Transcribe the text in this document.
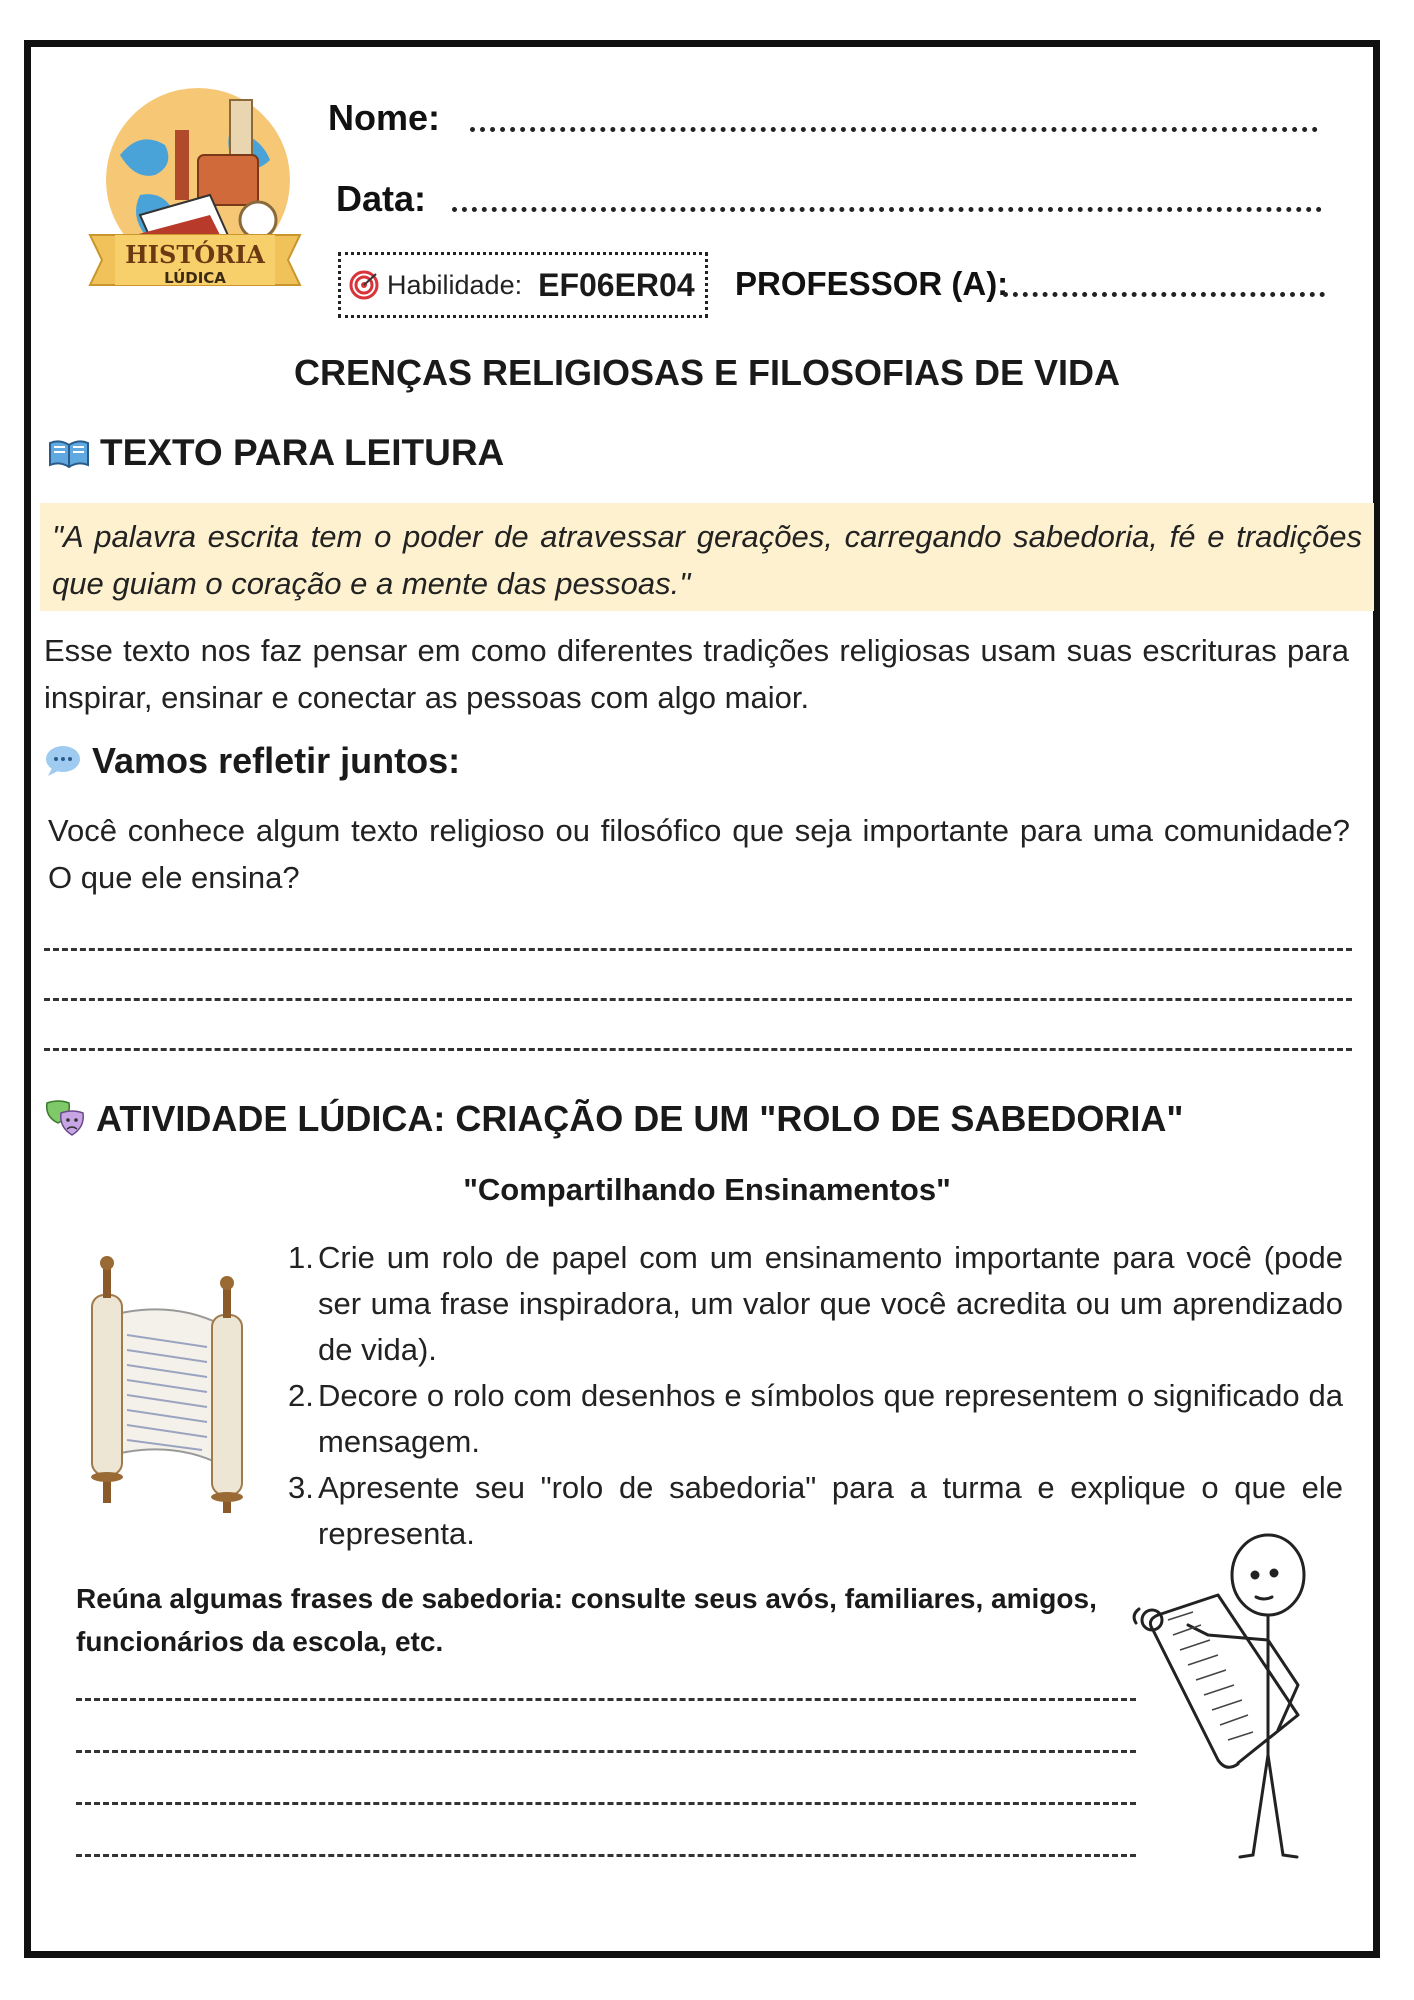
HISTÓRIA
LÚDICA
Nome:
Data:
Habilidade: EF06ER04 PROFESSOR (A):
CRENÇAS RELIGIOSAS E FILOSOFIAS DE VIDA
TEXTO PARA LEITURA
"A palavra escrita tem o poder de atravessar gerações, carregando sabedoria, fé e tradições que guiam o coração e a mente das pessoas."
Esse texto nos faz pensar em como diferentes tradições religiosas usam suas escrituras para inspirar, ensinar e conectar as pessoas com algo maior.
Vamos refletir juntos:
Você conhece algum texto religioso ou filosófico que seja importante para uma comunidade? O que ele ensina?
ATIVIDADE LÚDICA: CRIAÇÃO DE UM "ROLO DE SABEDORIA"
"Compartilhando Ensinamentos"
1. Crie um rolo de papel com um ensinamento importante para você (pode ser uma frase inspiradora, um valor que você acredita ou um aprendizado de vida).
2. Decore o rolo com desenhos e símbolos que representem o significado da mensagem.
3. Apresente seu "rolo de sabedoria" para a turma e explique o que ele representa.
Reúna algumas frases de sabedoria: consulte seus avós, familiares, amigos, funcionários da escola, etc.
